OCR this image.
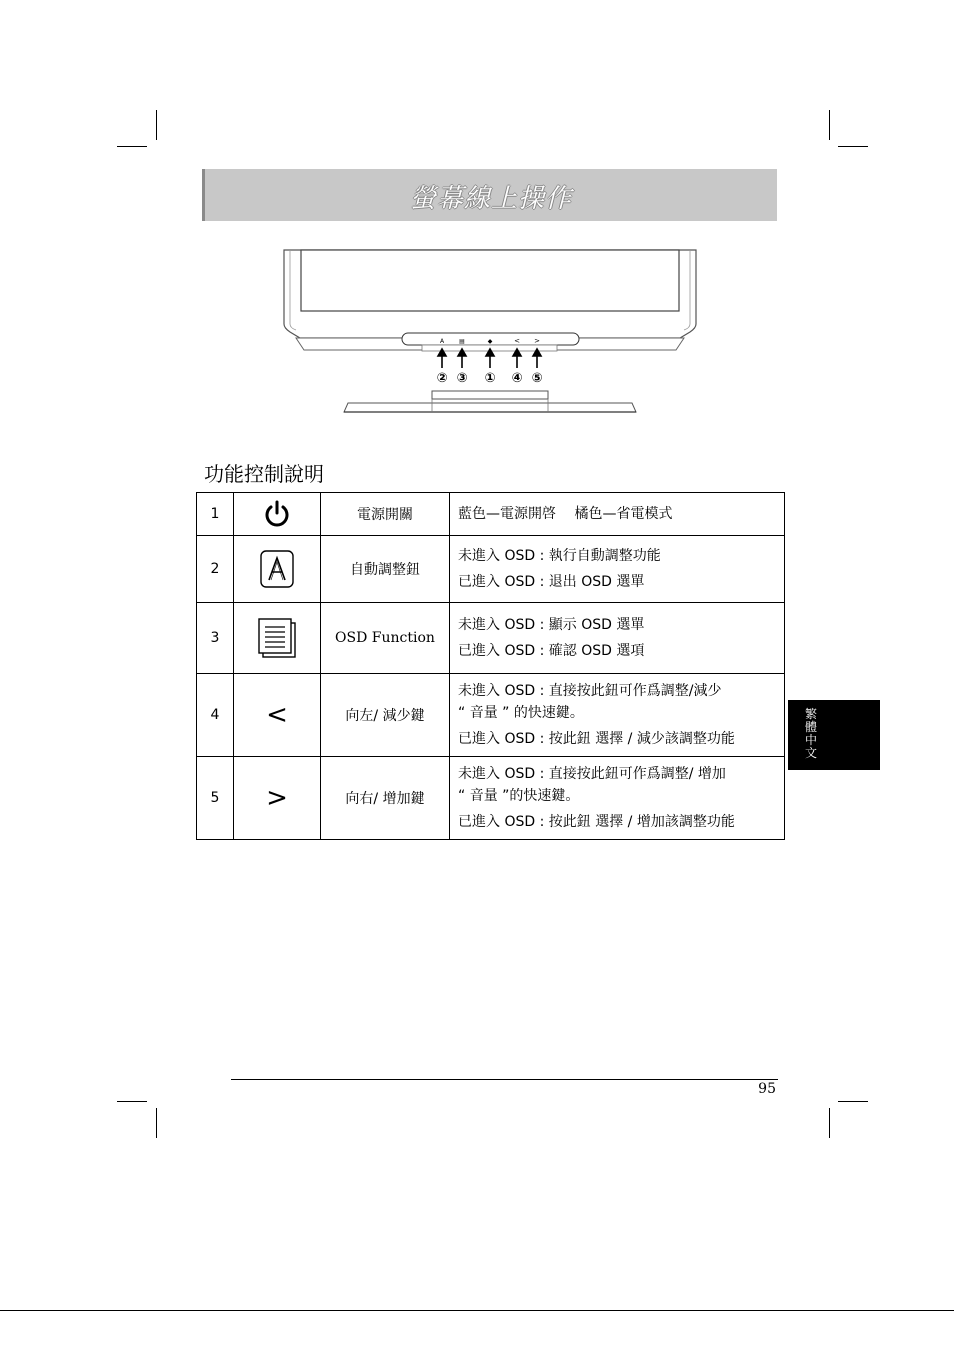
螢幕線上操作
A	▤	◆	< >
② ③ ① ④ ⑤
功能控制說明
1		電源開關	藍色—電源開啓　 橘色—省電模式

2		自動調整鈕	未進入 OSD : 執行自動調整功能
已進入 OSD : 退出 OSD 選單

3		OSD Function	未進入 OSD : 顯示 OSD 選單
已進入 OSD : 確認 OSD 選項

4	<	向左/ 減少鍵	未進入 OSD : 直接按此鈕可作爲調整/減少
“ 音量 ” 的快速鍵。
已進入 OSD : 按此鈕 選擇 / 減少該調整功能

5	>	向右/ 增加鍵	未進入 OSD : 直接按此鈕可作爲調整/ 增加
“ 音量 ”的快速鍵。
已進入 OSD : 按此鈕 選擇 / 增加該調整功能
繁體中文
95
